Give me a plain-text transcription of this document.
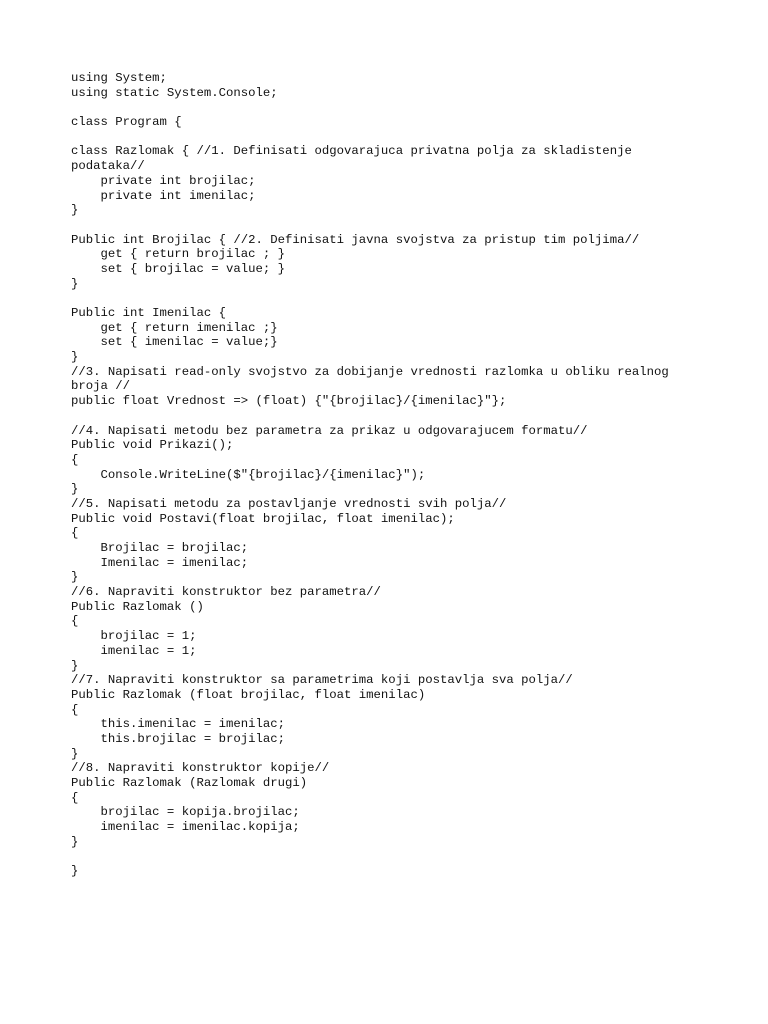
using System;
using static System.Console;
class Program {
class Razlomak { //1. Definisati odgovarajuca privatna polja za skladistenje
podataka//
private int brojilac;
private int imenilac;
}
Public int Brojilac { //2. Definisati javna svojstva za pristup tim poljima//
get { return brojilac ; }
set { brojilac = value; }
}
Public int Imenilac {
get { return imenilac ;}
set { imenilac = value;}
}
//3. Napisati read-only svojstvo za dobijanje vrednosti razlomka u obliku realnog
broja //
public float Vrednost => (float) {"{brojilac}/{imenilac}"};
//4. Napisati metodu bez parametra za prikaz u odgovarajucem formatu//
Public void Prikazi();
{
Console.WriteLine($"{brojilac}/{imenilac}");
}
//5. Napisati metodu za postavljanje vrednosti svih polja//
Public void Postavi(float brojilac, float imenilac);
{
Brojilac = brojilac;
Imenilac = imenilac;
}
//6. Napraviti konstruktor bez parametra//
Public Razlomak ()
{
brojilac = 1;
imenilac = 1;
}
//7. Napraviti konstruktor sa parametrima koji postavlja sva polja//
Public Razlomak (float brojilac, float imenilac)
{
this.imenilac = imenilac;
this.brojilac = brojilac;
}
//8. Napraviti konstruktor kopije//
Public Razlomak (Razlomak drugi)
{
brojilac = kopija.brojilac;
imenilac = imenilac.kopija;
}
}
